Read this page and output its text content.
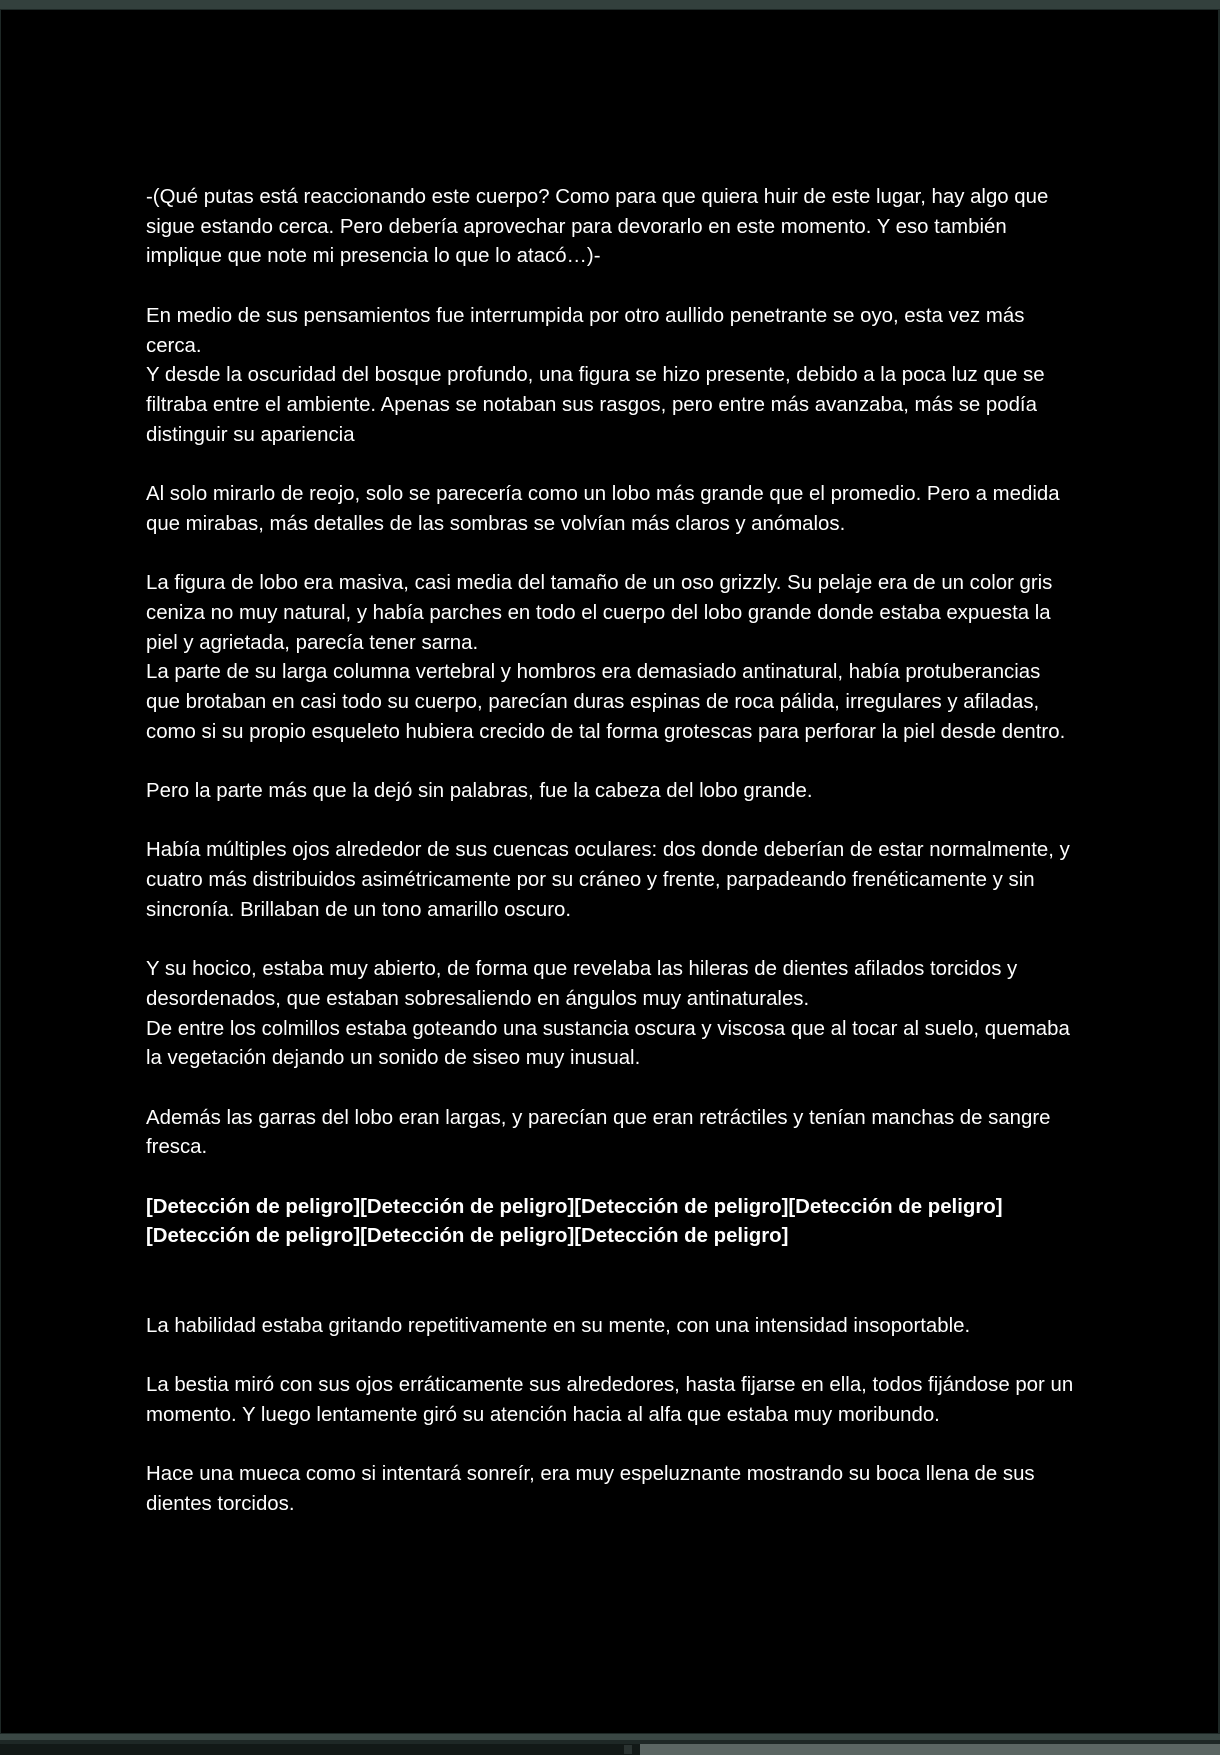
-(Qué putas está reaccionando este cuerpo? Como para que quiera huir de este lugar, hay algo que sigue estando cerca. Pero debería aprovechar para devorarlo en este momento. Y eso también implique que note mi presencia lo que lo atacó…)-

En medio de sus pensamientos fue interrumpida por otro aullido penetrante se oyo, esta vez más cerca.
Y desde la oscuridad del bosque profundo, una figura se hizo presente, debido a la poca luz que se filtraba entre el ambiente. Apenas se notaban sus rasgos, pero entre más avanzaba, más se podía distinguir su apariencia

Al solo mirarlo de reojo, solo se parecería como un lobo más grande que el promedio. Pero a medida que mirabas, más detalles de las sombras se volvían más claros y anómalos.

La figura de lobo era masiva, casi media del tamaño de un oso grizzly. Su pelaje era de un color gris ceniza no muy natural, y había parches en todo el cuerpo del lobo grande donde estaba expuesta la piel y agrietada, parecía tener sarna.
La parte de su larga columna vertebral y hombros era demasiado antinatural, había protuberancias que brotaban en casi todo su cuerpo, parecían duras espinas de roca pálida, irregulares y afiladas, como si su propio esqueleto hubiera crecido de tal forma grotescas para perforar la piel desde dentro.

Pero la parte más que la dejó sin palabras, fue la cabeza del lobo grande.

Había múltiples ojos alrededor de sus cuencas oculares: dos donde deberían de estar normalmente, y cuatro más distribuidos asimétricamente por su cráneo y frente, parpadeando frenéticamente y sin sincronía. Brillaban de un tono amarillo oscuro.

Y su hocico, estaba muy abierto, de forma que revelaba las hileras de dientes afilados torcidos y desordenados, que estaban sobresaliendo en ángulos muy antinaturales.
De entre los colmillos estaba goteando una sustancia oscura y viscosa que al tocar al suelo, quemaba la vegetación dejando un sonido de siseo muy inusual.

Además las garras del lobo eran largas, y parecían que eran retráctiles y tenían manchas de sangre fresca.

[Detección de peligro][Detección de peligro][Detección de peligro][Detección de peligro][Detección de peligro][Detección de peligro][Detección de peligro]

La habilidad estaba gritando repetitivamente en su mente, con una intensidad insoportable.

La bestia miró con sus ojos erráticamente sus alrededores, hasta fijarse en ella, todos fijándose por un momento. Y luego lentamente giró su atención hacia al alfa que estaba muy moribundo.

Hace una mueca como si intentará sonreír, era muy espeluznante mostrando su boca llena de sus dientes torcidos.
